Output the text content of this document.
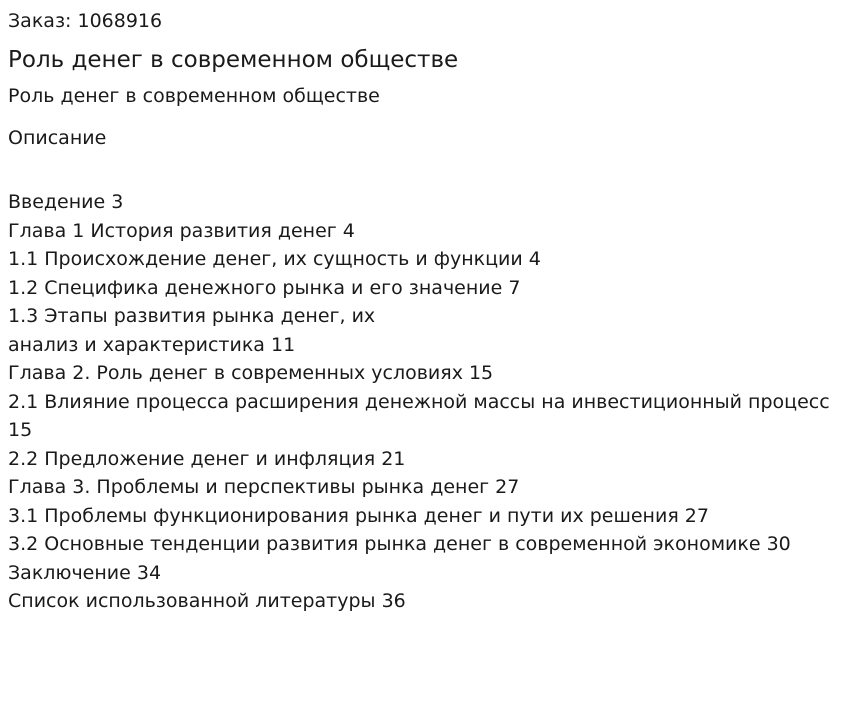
Заказ: 1068916

Роль денег в современном обществе

Роль денег в современном обществе

Описание

Введение 3
Глава 1 История развития денег 4
1.1 Происхождение денег, их сущность и функции 4
1.2 Специфика денежного рынка и его значение 7
1.3 Этапы развития рынка денег, их
анализ и характеристика 11
Глава 2. Роль денег в современных условиях 15
2.1 Влияние процесса расширения денежной массы на инвестиционный процесс
15
2.2 Предложение денег и инфляция 21
Глава 3. Проблемы и перспективы рынка денег 27
3.1 Проблемы функционирования рынка денег и пути их решения 27
3.2 Основные тенденции развития рынка денег в современной экономике 30
Заключение 34
Список использованной литературы 36
